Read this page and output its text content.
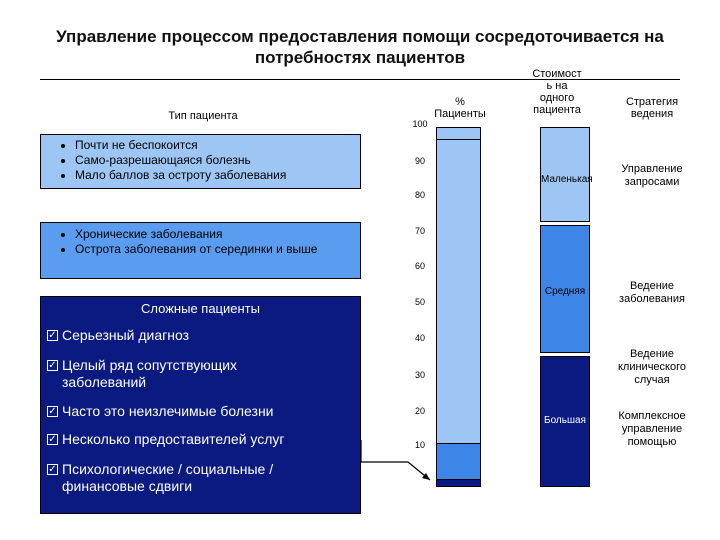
Управление процессом предоставления помощи сосредоточивается на потребностях пациентов
Тип пациента
%
Пациенты
Стоимост
ь на
одного
пациента
Стратегия
ведения
• Почти не беспокоится
• Само-разрешающаяся болезнь
• Мало баллов за остроту заболевания
• Хронические заболевания
• Острота заболевания от серединки и выше
Сложные пациенты
✓ Серьезный диагноз
✓ Целый ряд сопутствующих заболеваний
✓ Часто это неизлечимые болезни
✓ Несколько предоставителей услуг
✓ Психологические / социальные / финансовые сдвиги
100
90
80
70
60
50
40
30
20
10
Маленькая
Средняя
Большая
Управление
запросами
Ведение
заболевания
Ведение
клинического
случая
Комплексное
управление
помощью
